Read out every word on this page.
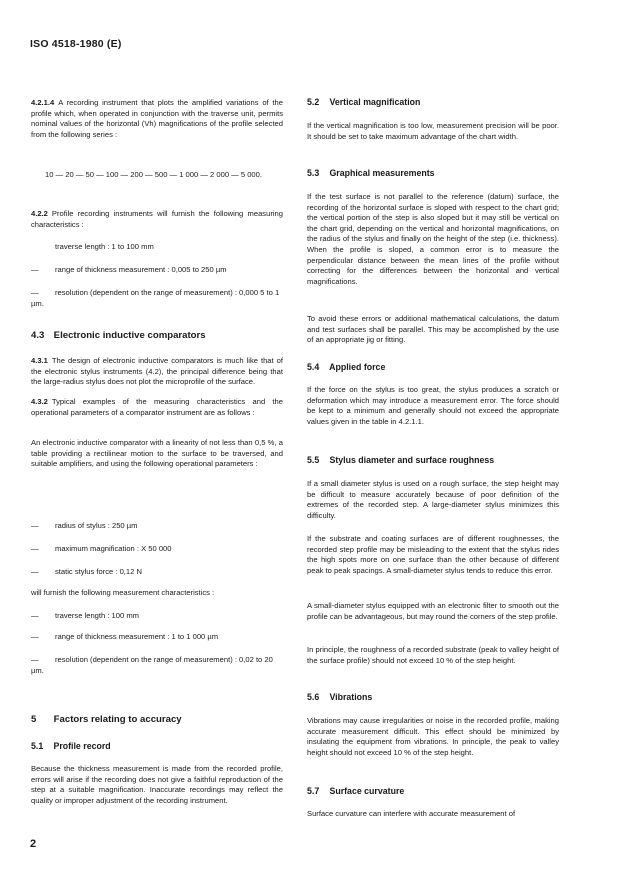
ISO 4518-1980 (E)

4.2.1.4 A recording instrument that plots the amplified variations of the profile which, when operated in conjunction with the traverse unit, permits nominal values of the horizontal (Vh) magnifications of the profile selected from the following series :

10 — 20 — 50 — 100 — 200 — 500 — 1 000 — 2 000 — 5 000.

4.2.2 Profile recording instruments will furnish the following measuring characteristics :

traverse length : 1 to 100 mm
— range of thickness measurement : 0,005 to 250 µm
— resolution (dependent on the range of measurement) : 0,000 5 to 1 µm.
4.3 Electronic inductive comparators

4.3.1 The design of electronic inductive comparators is much like that of the electronic stylus instruments (4.2), the principal difference being that the large-radius stylus does not plot the microprofile of the surface.

4.3.2 Typical examples of the measuring characteristics and the operational parameters of a comparator instrument are as follows :

An electronic inductive comparator with a linearity of not less than 0,5 %, a table providing a rectilinear motion to the surface to be traversed, and suitable amplifiers, and using the following operational parameters :
— radius of stylus : 250 µm
— maximum magnification : X 50 000
— static stylus force : 0,12 N
will furnish the following measurement characteristics :
— traverse length : 100 mm
— range of thickness measurement : 1 to 1 000 µm
— resolution (dependent on the range of measurement) : 0,02 to 20 µm.
5 Factors relating to accuracy
5.1 Profile record
Because the thickness measurement is made from the recorded profile, errors will arise if the recording does not give a faithful reproduction of the step at a suitable magnification. Inaccurate recordings may reflect the quality or improper adjustment of the recording instrument.
5.2 Vertical magnification
If the vertical magnification is too low, measurement precision will be poor. It should be set to take maximum advantage of the chart width.
5.3 Graphical measurements
If the test surface is not parallel to the reference (datum) surface, the recording of the horizontal surface is sloped with respect to the chart grid; the vertical portion of the step is also sloped but it may still be vertical on the chart grid, depending on the vertical and horizontal magnifications, on the radius of the stylus and finally on the height of the step (i.e. thickness). When the profile is sloped, a common error is to measure the perpendicular distance between the mean lines of the profile without correcting for the differences between the horizontal and vertical magnifications.
To avoid these errors or additional mathematical calculations, the datum and test surfaces shall be parallel. This may be accomplished by the use of an appropriate jig or fitting.
5.4 Applied force
If the force on the stylus is too great, the stylus produces a scratch or deformation which may introduce a measurement error. The force should be kept to a minimum and generally should not exceed the appropriate values given in the table in 4.2.1.1.
5.5 Stylus diameter and surface roughness
If a small diameter stylus is used on a rough surface, the step height may be difficult to measure accurately because of poor definition of the extremes of the recorded step. A large-diameter stylus minimizes this difficulty.
If the substrate and coating surfaces are of different roughnesses, the recorded step profile may be misleading to the extent that the stylus rides the high spots more on one surface than the other because of different peak to peak spacings. A small-diameter stylus tends to reduce this error.
A small-diameter stylus equipped with an electronic filter to smooth out the profile can be advantageous, but may round the corners of the step profile.
In principle, the roughness of a recorded substrate (peak to valley height of the surface profile) should not exceed 10 % of the step height.
5.6 Vibrations
Vibrations may cause irregularities or noise in the recorded profile, making accurate measurement difficult. This effect should be minimized by insulating the equipment from vibrations. In principle, the peak to valley height should not exceed 10 % of the step height.
5.7 Surface curvature
Surface curvature can interfere with accurate measurement of
2
